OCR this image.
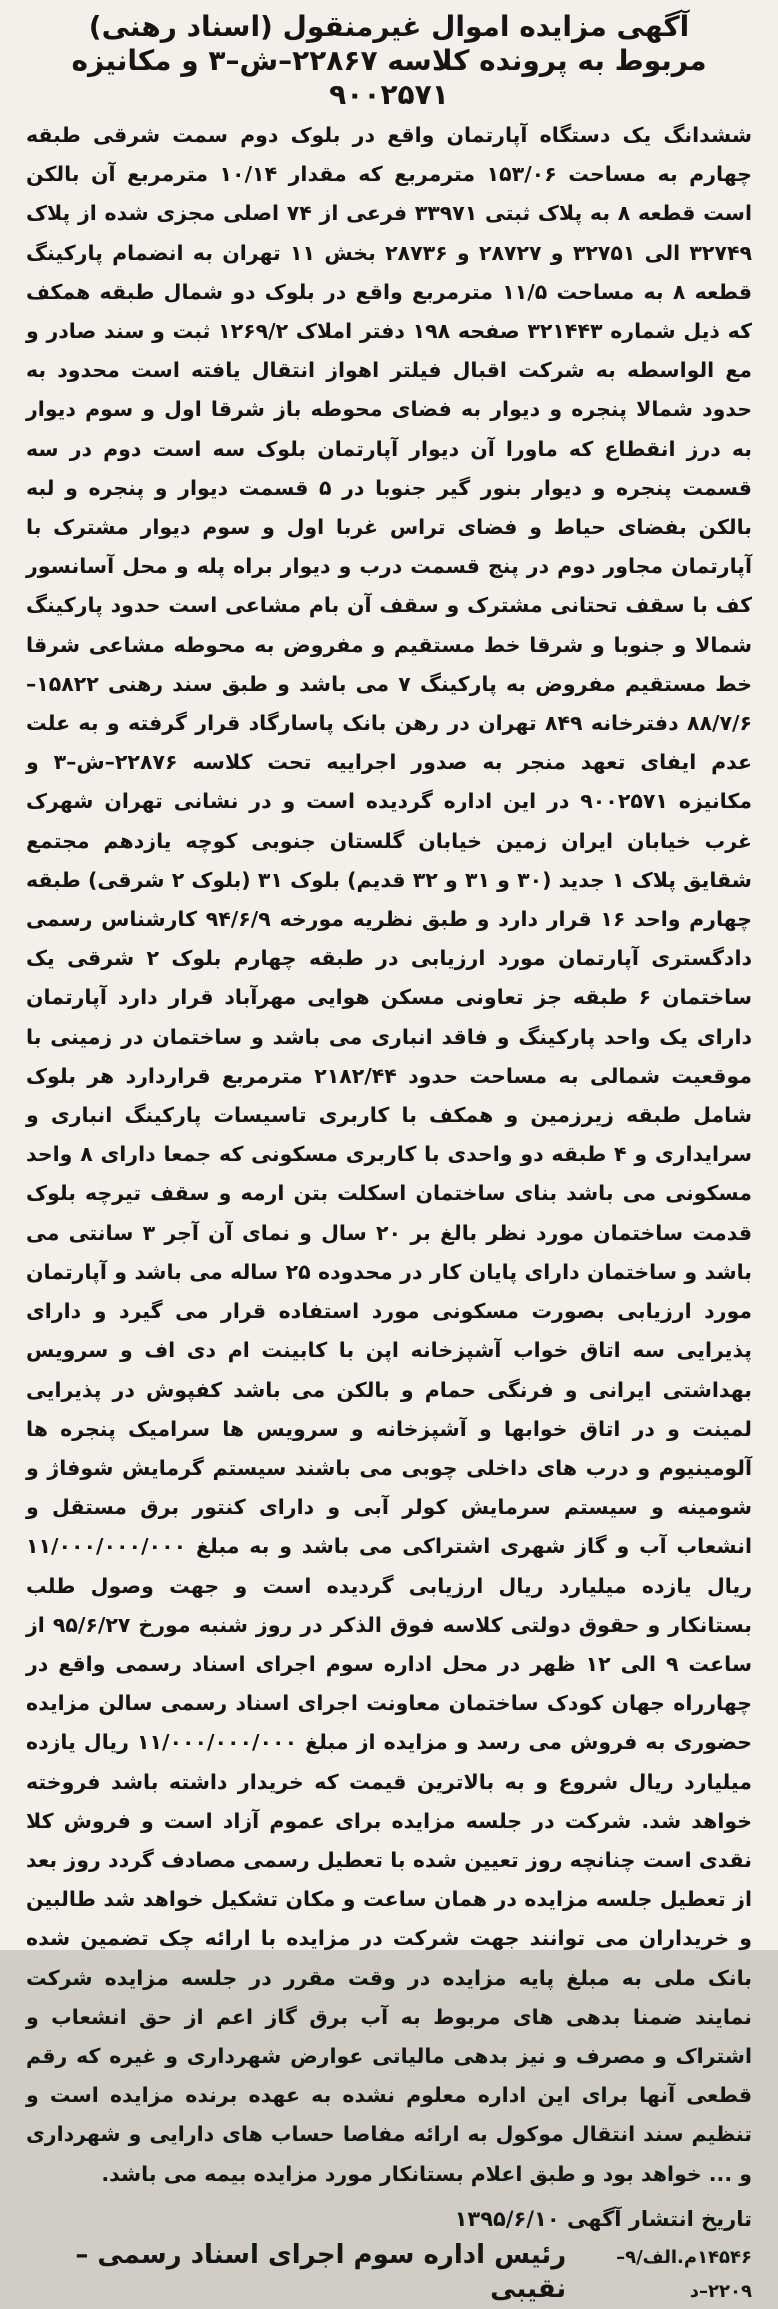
آگهی مزایده اموال غیرمنقول (اسناد رهنی)
مربوط به پرونده کلاسه ۲۲۸۶۷–ش–۳ و مکانیزه ۹۰۰۲۵۷۱

ششدانگ یک دستگاه آپارتمان واقع در بلوک دوم سمت شرقی طبقه چهارم به مساحت ۱۵۳/۰۶ مترمربع که مقدار ۱۰/۱۴ مترمربع آن بالکن است قطعه ۸ به پلاک ثبتی ۳۳۹۷۱ فرعی از ۷۴ اصلی مجزی شده از پلاک ۳۲۷۴۹ الی ۳۲۷۵۱ و ۲۸۷۲۷ و ۲۸۷۳۶ بخش ۱۱ تهران به انضمام پارکینگ قطعه ۸ به مساحت ۱۱/۵ مترمربع واقع در بلوک دو شمال طبقه همکف که ذیل شماره ۳۲۱۴۴۳ صفحه ۱۹۸ دفتر املاک ۱۲۶۹/۲ ثبت و سند صادر و مع الواسطه به شرکت اقبال فیلتر اهواز انتقال یافته است محدود به حدود شمالا پنجره و دیوار به فضای محوطه باز شرقا اول و سوم دیوار به درز انقطاع که ماورا آن دیوار آپارتمان بلوک سه است دوم در سه قسمت پنجره و دیوار بنور گیر جنوبا در ۵ قسمت دیوار و پنجره و لبه بالکن بفضای حیاط و فضای تراس غربا اول و سوم دیوار مشترک با آپارتمان مجاور دوم در پنج قسمت درب و دیوار براه پله و محل آسانسور کف با سقف تحتانی مشترک و سقف آن بام مشاعی است حدود پارکینگ شمالا و جنوبا و شرقا خط مستقیم و مفروض به محوطه مشاعی شرقا خط مستقیم مفروض به پارکینگ ۷ می باشد و طبق سند رهنی ۱۵۸۲۲–۸۸/۷/۶ دفترخانه ۸۴۹ تهران در رهن بانک پاسارگاد قرار گرفته و به علت عدم ایفای تعهد منجر به صدور اجراییه تحت کلاسه ۲۲۸۷۶–ش–۳ و مکانیزه ۹۰۰۲۵۷۱ در این اداره گردیده است و در نشانی تهران شهرک غرب خیابان ایران زمین خیابان گلستان جنوبی کوچه یازدهم مجتمع شقایق پلاک ۱ جدید (۳۰ و ۳۱ و ۳۲ قدیم) بلوک ۳۱ (بلوک ۲ شرقی) طبقه چهارم واحد ۱۶ قرار دارد و طبق نظریه مورخه ۹۴/۶/۹ کارشناس رسمی دادگستری آپارتمان مورد ارزیابی در طبقه چهارم بلوک ۲ شرقی یک ساختمان ۶ طبقه جز تعاونی مسکن هوایی مهرآباد قرار دارد آپارتمان دارای یک واحد پارکینگ و فاقد انباری می باشد و ساختمان در زمینی با موقعیت شمالی به مساحت حدود ۲۱۸۲/۴۴ مترمربع قراردارد هر بلوک شامل طبقه زیرزمین و همکف با کاربری تاسیسات پارکینگ انباری و سرایداری و ۴ طبقه دو واحدی با کاربری مسکونی که جمعا دارای ۸ واحد مسکونی می باشد بنای ساختمان اسکلت بتن ارمه و سقف تیرچه بلوک قدمت ساختمان مورد نظر بالغ بر ۲۰ سال و نمای آن آجر ۳ سانتی می باشد و ساختمان دارای پایان کار در محدوده ۲۵ ساله می باشد و آپارتمان مورد ارزیابی بصورت مسکونی مورد استفاده قرار می گیرد و دارای پذیرایی سه اتاق خواب آشپزخانه اپن با کابینت ام دی اف و سرویس بهداشتی ایرانی و فرنگی حمام و بالکن می باشد کفپوش در پذیرایی لمینت و در اتاق خوابها و آشپزخانه و سرویس ها سرامیک پنجره ها آلومینیوم و درب های داخلی چوبی می باشند سیستم گرمایش شوفاژ و شومینه و سیستم سرمایش کولر آبی و دارای کنتور برق مستقل و انشعاب آب و گاز شهری اشتراکی می باشد و به مبلغ ۱۱/۰۰۰/۰۰۰/۰۰۰ ریال یازده میلیارد ریال ارزیابی گردیده است و جهت وصول طلب بستانکار و حقوق دولتی کلاسه فوق الذکر در روز شنبه مورخ ۹۵/۶/۲۷ از ساعت ۹ الی ۱۲ ظهر در محل اداره سوم اجرای اسناد رسمی واقع در چهارراه جهان کودک ساختمان معاونت اجرای اسناد رسمی سالن مزایده حضوری به فروش می رسد و مزایده از مبلغ ۱۱/۰۰۰/۰۰۰/۰۰۰ ریال یازده میلیارد ریال شروع و به بالاترین قیمت که خریدار داشته باشد فروخته خواهد شد. شرکت در جلسه مزایده برای عموم آزاد است و فروش کلا نقدی است چنانچه روز تعیین شده با تعطیل رسمی مصادف گردد روز بعد از تعطیل جلسه مزایده در همان ساعت و مکان تشکیل خواهد شد طالبین و خریداران می توانند جهت شرکت در مزایده با ارائه چک تضمین شده بانک ملی به مبلغ پایه مزایده در وقت مقرر در جلسه مزایده شرکت نمایند ضمنا بدهی های مربوط به آب برق گاز اعم از حق انشعاب و اشتراک و مصرف و نیز بدهی مالیاتی عوارض شهرداری و غیره که رقم قطعی آنها برای این اداره معلوم نشده به عهده برنده مزایده است و تنظیم سند انتقال موکول به ارائه مفاصا حساب های دارایی و شهرداری و ... خواهد بود و طبق اعلام بستانکار مورد مزایده بیمه می باشد.

تاریخ انتشار آگهی ۱۳۹۵/۶/۱۰
۱۴۵۴۶م.الف/۹–۲۲۰۹–د
رئیس اداره سوم اجرای اسناد رسمی – نقیبی
